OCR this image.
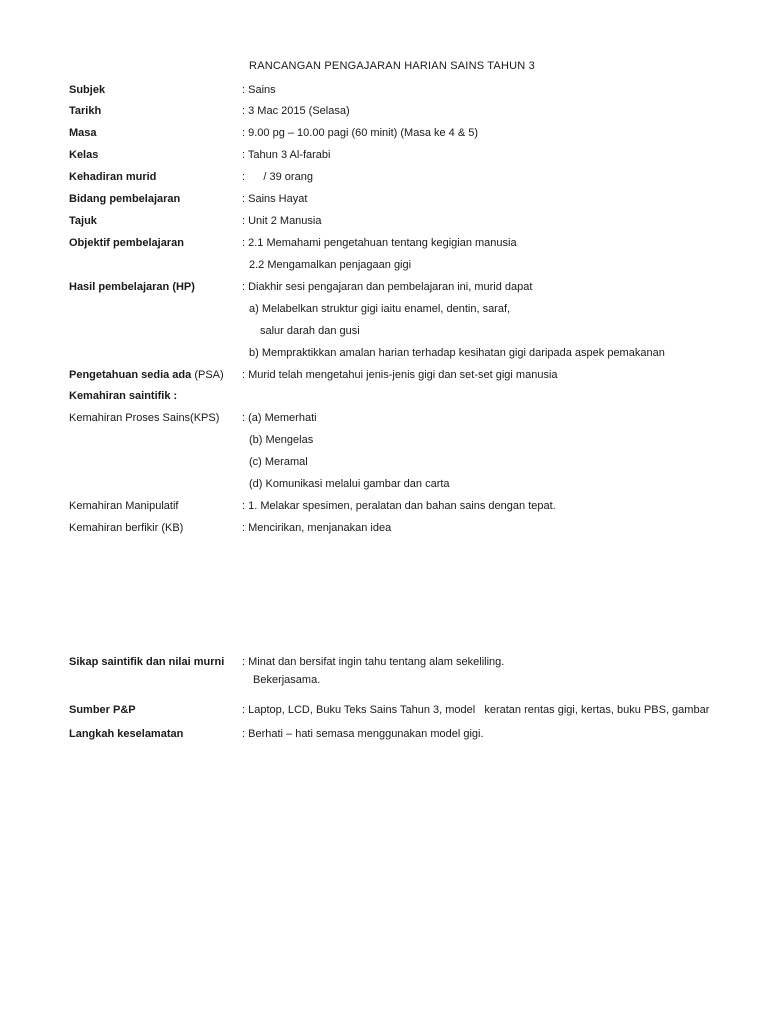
RANCANGAN PENGAJARAN HARIAN SAINS TAHUN 3
Subjek	: Sains
Tarikh	: 3 Mac 2015 (Selasa)
Masa	: 9.00 pg – 10.00 pagi (60 minit) (Masa ke 4 & 5)
Kelas	: Tahun 3 Al-farabi
Kehadiran murid	:      / 39 orang
Bidang pembelajaran	: Sains Hayat
Tajuk	: Unit 2 Manusia
Objektif pembelajaran	: 2.1 Memahami pengetahuan tentang kegigian manusia
2.2 Mengamalkan penjagaan gigi
Hasil pembelajaran (HP)	: Diakhir sesi pengajaran dan pembelajaran ini, murid dapat
a) Melabelkan struktur gigi iaitu enamel, dentin, saraf,
salur darah dan gusi
b) Mempraktikkan amalan harian terhadap kesihatan gigi daripada aspek pemakanan
Pengetahuan sedia ada (PSA) : Murid telah mengetahui jenis-jenis gigi dan set-set gigi manusia
Kemahiran saintifik :
Kemahiran Proses Sains(KPS) : (a) Memerhati
(b) Mengelas
(c) Meramal
(d) Komunikasi melalui gambar dan carta
Kemahiran Manipulatif	: 1. Melakar spesimen, peralatan dan bahan sains dengan tepat.
Kemahiran berfikir (KB)	: Mencirikan, menjanakan idea
Sikap saintifik dan nilai murni : Minat dan bersifat ingin tahu tentang alam sekeliling.
Bekerjasama.
Sumber P&P	: Laptop, LCD, Buku Teks Sains Tahun 3, model   keratan rentas gigi, kertas, buku PBS, gambar
Langkah keselamatan	: Berhati – hati semasa menggunakan model gigi.
